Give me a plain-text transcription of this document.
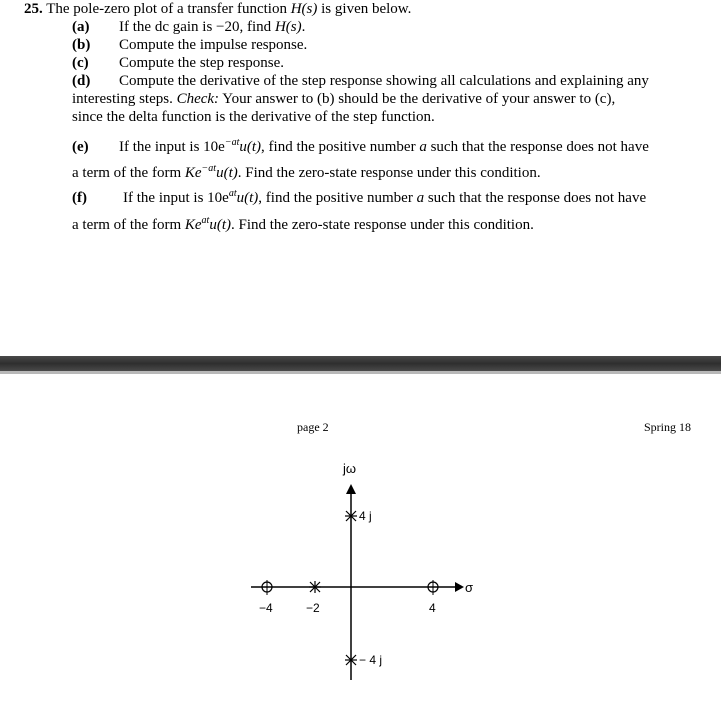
25. The pole-zero plot of a transfer function H(s) is given below.
(a) If the dc gain is −20, find H(s).
(b) Compute the impulse response.
(c) Compute the step response.
(d) Compute the derivative of the step response showing all calculations and explaining any
interesting steps. Check: Your answer to (b) should be the derivative of your answer to (c),
since the delta function is the derivative of the step function.
(e) If the input is $10e^{-at}u(t)$, find the positive number a such that the response does not have
a term of the form $Ke^{-at}u(t)$. Find the zero-state response under this condition.
(f) If the input is $10e^{at}u(t)$, find the positive number a such that the response does not have
a term of the form $Ke^{at}u(t)$. Find the zero-state response under this condition.
page 2	Spring 18
jω
σ
4 j
− 4 j
−4	−2	4
